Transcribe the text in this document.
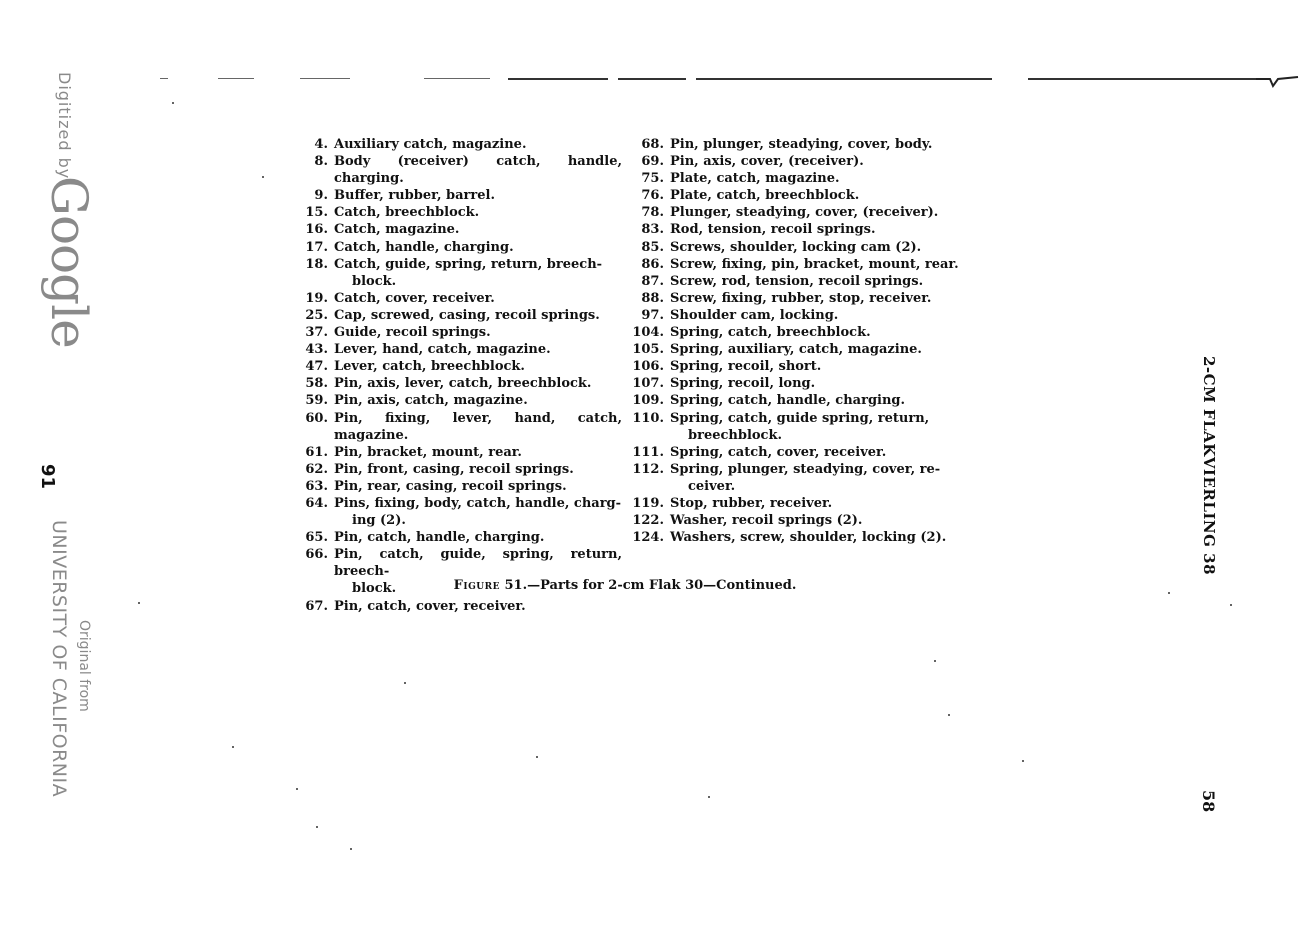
Digitized by
Google
91
UNIVERSITY OF CALIFORNIA Original from
4. Auxiliary catch, magazine.
8. Body (receiver) catch, handle, charging.
9. Buffer, rubber, barrel.
15. Catch, breechblock.
16. Catch, magazine.
17. Catch, handle, charging.
18. Catch, guide, spring, return, breech-
block.
19. Catch, cover, receiver.
25. Cap, screwed, casing, recoil springs.
37. Guide, recoil springs.
43. Lever, hand, catch, magazine.
47. Lever, catch, breechblock.
58. Pin, axis, lever, catch, breechblock.
59. Pin, axis, catch, magazine.
60. Pin, fixing, lever, hand, catch, magazine.
61. Pin, bracket, mount, rear.
62. Pin, front, casing, recoil springs.
63. Pin, rear, casing, recoil springs.
64. Pins, fixing, body, catch, handle, charg-
ing (2).
65. Pin, catch, handle, charging.
66. Pin, catch, guide, spring, return, breech-
block.
67. Pin, catch, cover, receiver.
68. Pin, plunger, steadying, cover, body.
69. Pin, axis, cover, (receiver).
75. Plate, catch, magazine.
76. Plate, catch, breechblock.
78. Plunger, steadying, cover, (receiver).
83. Rod, tension, recoil springs.
85. Screws, shoulder, locking cam (2).
86. Screw, fixing, pin, bracket, mount, rear.
87. Screw, rod, tension, recoil springs.
88. Screw, fixing, rubber, stop, receiver.
97. Shoulder cam, locking.
104. Spring, catch, breechblock.
105. Spring, auxiliary, catch, magazine.
106. Spring, recoil, short.
107. Spring, recoil, long.
109. Spring, catch, handle, charging.
110. Spring, catch, guide spring, return,
breechblock.
111. Spring, catch, cover, receiver.
112. Spring, plunger, steadying, cover, re-
ceiver.
119. Stop, rubber, receiver.
122. Washer, recoil springs (2).
124. Washers, screw, shoulder, locking (2).
Figure 51.—Parts for 2-cm Flak 30—Continued.
2-CM FLAKVIERLING 38
58
